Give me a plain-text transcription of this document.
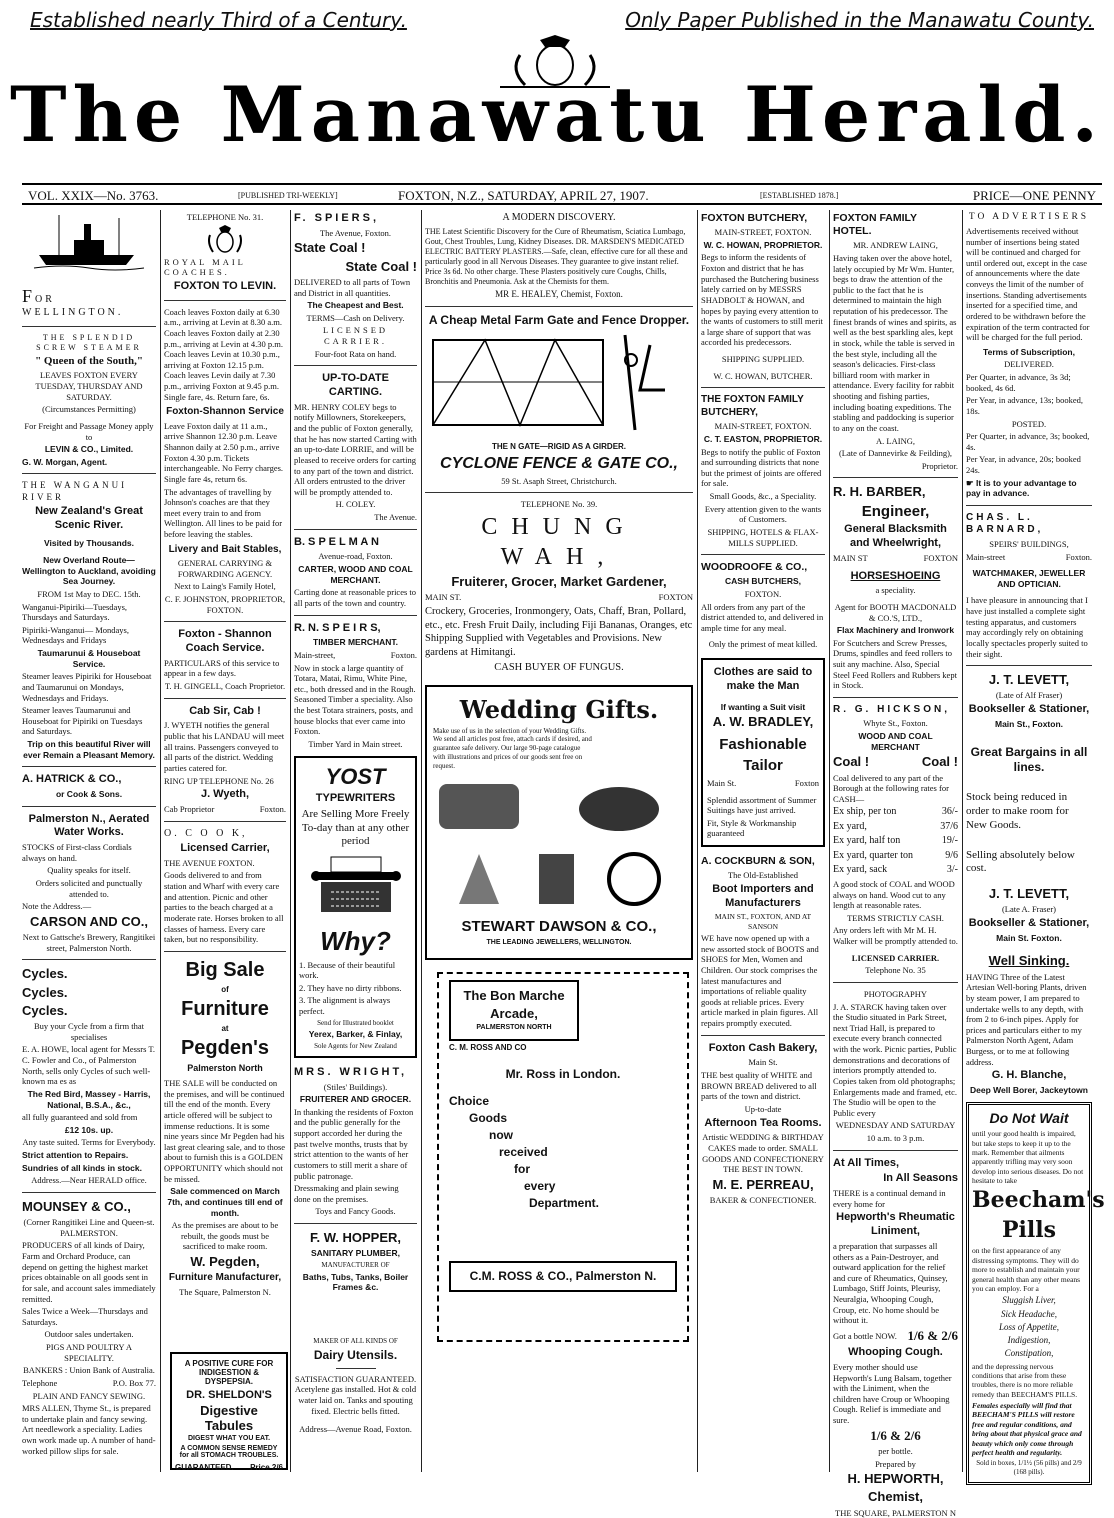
Established nearly Third of a Century.	Only Paper Published in the Manawatu County.
The Manawatu Herald.
VOL. XXIX—No. 3763.	[PUBLISHED TRI-WEEKLY]	FOXTON, N.Z., SATURDAY, APRIL 27, 1907.	[ESTABLISHED 1878.]	PRICE—ONE PENNY

FOR WELLINGTON.

THE SPLENDID SCREW STEAMER

" Queen of the South,"

LEAVES FOXTON EVERY TUESDAY, THURSDAY AND SATURDAY.

(Circumstances Permitting)

For Freight and Passage Money apply to

LEVIN & CO., Limited.

G. W. Morgan, Agent.

THE WANGANUI RIVER

New Zealand's Great Scenic River.

Visited by Thousands.

New Overland Route—Wellington to Auckland, avoiding Sea Journey.

FROM 1st May to DEC. 15th.

Wanganui-Pipiriki—Tuesdays, Thursdays and Saturdays.

Pipiriki-Wanganui— Mondays, Wednesdays and Fridays

Taumarunui & Houseboat Service.

Steamer leaves Pipiriki for Houseboat and Taumarunui on Mondays, Wednesdays and Fridays.

Steamer leaves Taumarunui and Houseboat for Pipiriki on Tuesdays and Saturdays.

Trip on this beautiful River will ever Remain a Pleasant Memory.

A. HATRICK & CO.,

or Cook & Sons.

Palmerston N., Aerated Water Works.

STOCKS of First-class Cordials always on hand.

Quality speaks for itself.

Orders solicited and punctually attended to.

Note the Address.—

CARSON AND CO.,

Next to Gattsche's Brewery, Rangitikei street, Palmerston North.

Cycles.

Cycles.

Cycles.

Buy your Cycle from a firm that specialises

E. A. HOWE, local agent for Messrs T. C. Fowler and Co., of Palmerston North, sells only Cycles of such well-known ma es as

The Red Bird, Massey - Harris, National, B.S.A., &c.,

all fully guaranteed and sold from

£12 10s. up.

Any taste suited. Terms for Everybody.

Strict attention to Repairs.

Sundries of all kinds in stock.

Address.—Near HERALD office.

MOUNSEY & CO.,

(Corner Rangitikei Line and Queen-st. PALMERSTON.

PRODUCERS of all kinds of Dairy, Farm and Orchard Produce, can depend on getting the highest market prices obtainable on all goods sent in for sale, and account sales immediately remitted.

Sales Twice a Week—Thursdays and Saturdays.

Outdoor sales undertaken.

PIGS AND POULTRY A SPECIALITY.

BANKERS : Union Bank of Australia.

Telephone	P.O. Box 77.

PLAIN AND FANCY SEWING.

MRS ALLEN, Thyme St., is prepared to undertake plain and fancy sewing. Art needlework a speciality. Ladies own work made up. A number of hand-worked pillow slips for sale.

TELEPHONE No. 31.

ROYAL MAIL COACHES.

FOXTON TO LEVIN.

Coach leaves Foxton daily at 6.30 a.m., arriving at Levin at 8.30 a.m. Coach leaves Foxton daily at 2.30 p.m., arriving at Levin at 4.30 p.m. Coach leaves Levin at 10.30 p.m., arriving at Foxton 12.15 p.m. Coach leaves Levin daily at 7.30 p.m., arriving Foxton at 9.45 p.m. Single fare, 4s. Return fare, 6s.

Foxton-Shannon Service

Leave Foxton daily at 11 a.m., arrive Shannon 12.30 p.m. Leave Shannon daily at 2.50 p.m., arrive Foxton 4.30 p.m. Tickets interchangeable. No Ferry charges. Single fare 4s, return 6s.

The advantages of travelling by Johnson's coaches are that they meet every train to and from Wellington. All lines to be paid for before leaving the stables.

Livery and Bait Stables,

GENERAL CARRYING & FORWARDING AGENCY.

Next to Laing's Family Hotel,

C. F. JOHNSTON, PROPRIETOR, FOXTON.

Foxton - Shannon Coach Service.

PARTICULARS of this service to appear in a few days.

T. H. GINGELL, Coach Proprietor.

Cab Sir, Cab !

J. WYETH notifies the general public that his LANDAU will meet all trains. Passengers conveyed to all parts of the district. Wedding parties catered for.

RING UP TELEPHONE No. 26

J. Wyeth,

Cab Proprietor	Foxton.

O. C O O K,

Licensed Carrier,

THE AVENUE FOXTON.

Goods delivered to and from station and Wharf with every care and attention. Picnic and other parties to the beach charged at a moderate rate. Horses broken to all classes of harness. Every care taken, but no responsibility.

Big Sale

of

Furniture

at

Pegden's

Palmerston North

THE SALE will be conducted on the premises, and will be continued till the end of the month. Every article offered will be subject to immense reductions. It is some nine years since Mr Pegden had his last great clearing sale, and to those about to furnish this is a GOLDEN OPPORTUNITY which should not be missed.

Sale commenced on March 7th, and continues till end of month.

As the premises are about to be rebuilt, the goods must be sacrificed to make room.

W. Pegden,

Furniture Manufacturer,

The Square, Palmerston N.

A POSITIVE CURE FOR INDIGESTION & DYSPEPSIA.

DR. SHELDON'S

Digestive Tabules

DIGEST WHAT YOU EAT.

A COMMON SENSE REMEDY for all STOMACH TROUBLES.

GUARANTEED. Price 2/6

F. SPIERS,

The Avenue, Foxton.

State Coal !

State Coal !

DELIVERED to all parts of Town and District in all quantities.

The Cheapest and Best.

TERMS—Cash on Delivery.

LICENSED CARRIER.

Four-foot Rata on hand.

UP-TO-DATE CARTING.

MR. HENRY COLEY begs to notify Millowners, Storekeepers, and the public of Foxton generally, that he has now started Carting with an up-to-date LORRIE, and will be pleased to receive orders for carting to any part of the town and district. All orders entrusted to the driver will be promptly attended to.

H. COLEY.

The Avenue.

B. S P E L M A N

Avenue-road, Foxton.

CARTER, WOOD AND COAL MERCHANT.

Carting done at reasonable prices to all parts of the town and country.

R. N. S P E I R S,

TIMBER MERCHANT.

Main-street,	Foxton.

Now in stock a large quantity of Totara, Matai, Rimu, White Pine, etc., both dressed and in the Rough. Seasoned Timber a speciality. Also the best Totara strainers, posts, and house blocks that ever came into Foxton.

Timber Yard in Main street.

YOST

TYPEWRITERS

Are Selling More Freely To-day than at any other period

Why?

1. Because of their beautiful work.

2. They have no dirty ribbons.

3. The alignment is always perfect.

Send for Illustrated booklet

Yerex, Barker, & Finlay,

Sole Agents for New Zealand

MRS. WRIGHT,

(Stiles' Buildings).

FRUITERER AND GROCER.

In thanking the residents of Foxton and the public generally for the support accorded her during the past twelve months, trusts that by strict attention to the wants of her customers to still merit a share of public patronage.

Dressmaking and plain sewing done on the premises.

Toys and Fancy Goods.

F. W. HOPPER,

SANITARY PLUMBER,

MANUFACTURER OF

Baths, Tubs, Tanks, Boiler Frames &c.

MAKER OF ALL KINDS OF

Dairy Utensils.

SATISFACTION GUARANTEED. Acetylene gas installed. Hot & cold water laid on. Tanks and spouting fixed. Electric bells fitted.

Address—Avenue Road, Foxton.

A MODERN DISCOVERY.

THE Latest Scientific Discovery for the Cure of Rheumatism, Sciatica Lumbago, Gout, Chest Troubles, Lung, Kidney Diseases. DR. MARSDEN'S MEDICATED ELECTRIC BATTERY PLASTERS.—Safe, clean, effective cure for all these and particularly good in all Nervous Diseases. They guarantee to give instant relief. Price 3s 6d. No other charge. These Plasters positively cure Coughs, Chills, Bronchitis and Pneumonia. Ask at the Chemists for them.

MR E. HEALEY, Chemist, Foxton.

A Cheap Metal Farm Gate and Fence Dropper.

THE N GATE—RIGID AS A GIRDER.

CYCLONE FENCE & GATE CO.,

59 St. Asaph Street, Christchurch.

TELEPHONE No. 39.

CHUNG WAH,

Fruiterer, Grocer, Market Gardener,

MAIN ST.	FOXTON

Crockery, Groceries, Ironmongery, Oats, Chaff, Bran, Pollard, etc., etc. Fresh Fruit Daily, including Fiji Bananas, Oranges, etc Shipping Supplied with Vegetables and Provisions. New gardens at Himitangi.

CASH BUYER OF FUNGUS.

Wedding Gifts.

Make use of us in the selection of your Wedding Gifts. We send all articles post free, attach cards if desired, and guarantee safe delivery. Our large 90-page catalogue with illustrations and prices of our goods sent free on request.

STEWART DAWSON & CO.,

THE LEADING JEWELLERS, WELLINGTON.

The Bon Marche

Arcade,

PALMERSTON NORTH

C. M. ROSS AND CO

Mr. Ross in London.

Choice

Goods

now

received

for

every

Department.

C.M. ROSS & CO., Palmerston N.

FOXTON BUTCHERY,

MAIN-STREET, FOXTON.

W. C. HOWAN, PROPRIETOR.

Begs to inform the residents of Foxton and district that he has purchased the Butchering business lately carried on by MESSRS SHADBOLT & HOWAN, and hopes by paying every attention to the wants of customers to still merit a large share of support that was accorded his predecessors.

SHIPPING SUPPLIED.

W. C. HOWAN, BUTCHER.

THE FOXTON FAMILY BUTCHERY,

MAIN-STREET, FOXTON.

C. T. EASTON, PROPRIETOR.

Begs to notify the public of Foxton and surrounding districts that none but the primest of joints are offered for sale.

Small Goods, &c., a Speciality.

Every attention given to the wants of Customers.

SHIPPING, HOTELS & FLAX-MILLS SUPPLIED.

WOODROOFE & CO.,

CASH BUTCHERS,

FOXTON.

All orders from any part of the district attended to, and delivered in ample time for any meal.

Only the primest of meat killed.

Clothes are said to make the Man

If wanting a Suit visit

A. W. BRADLEY,

Fashionable

Tailor

Main St.	Foxton

Splendid assortment of Summer Suitings have just arrived.

Fit, Style & Workmanship guaranteed

A. COCKBURN & SON,

The Old-Established

Boot Importers and Manufacturers

MAIN ST., FOXTON, AND AT SANSON

WE have now opened up with a new assorted stock of BOOTS and SHOES for Men, Women and Children. Our stock comprises the latest manufactures and importations of reliable quality goods at reliable prices. Every article marked in plain figures. All repairs promptly executed.

Foxton Cash Bakery,

Main St.

THE best quality of WHITE and BROWN BREAD delivered to all parts of the town and district.

Up-to-date

Afternoon Tea Rooms.

Artistic WEDDING & BIRTHDAY CAKES made to order. SMALL GOODS AND CONFECTIONERY THE BEST IN TOWN.

M. E. PERREAU,

BAKER & CONFECTIONER.

FOXTON FAMILY HOTEL.

MR. ANDREW LAING,

Having taken over the above hotel, lately occupied by Mr Wm. Hunter, begs to draw the attention of the public to the fact that he is determined to maintain the high reputation of his predecessor. The finest brands of wines and spirits, as well as the best sparkling ales, kept in stock, while the table is served in the best style, including all the season's delicacies. First-class billiard room with marker in attendance. Every facility for rabbit shooting and fishing parties, including boating expeditions. The stabling and paddocking is superior to any on the coast.

A. LAING,

(Late of Dannevirke & Feilding),

Proprietor.

R. H. BARBER,

Engineer,

General Blacksmith and Wheelwright,

MAIN ST	FOXTON

HORSESHOEING

a speciality.

Agent for BOOTH MACDONALD & CO.'S, LTD.,

Flax Machinery and Ironwork

For Scutchers and Screw Presses, Drums, spindles and feed rollers to suit any machine. Also, Special Steel Feed Rollers and Rubbers kept in Stock.

R. G. HICKSON,

Whyte St., Foxton.

WOOD AND COAL MERCHANT

Coal !	Coal !

Coal delivered to any part of the Borough at the following rates for CASH—

Ex ship, per ton	36/-

Ex yard,	37/6

Ex yard, half ton	19/-

Ex yard, quarter ton	9/6

Ex yard, sack	3/-

A good stock of COAL and WOOD always on hand. Wood cut to any length at reasonable rates.

TERMS STRICTLY CASH.

Any orders left with Mr M. H. Walker will be promptly attended to.

LICENSED CARRIER.

Telephone No. 35

PHOTOGRAPHY

J. A. STARCK having taken over the Studio situated in Park Street, next Triad Hall, is prepared to execute every branch connected with the work. Picnic parties, Public demonstrations and decorations of interiors promptly attended to. Copies taken from old photographs; Enlargements made and framed, etc. The Studio will be open to the Public every

WEDNESDAY AND SATURDAY

10 a.m. to 3 p.m.

At All Times,

In All Seasons

THERE is a continual demand in every home for

Hepworth's Rheumatic Liniment,

a preparation that surpasses all others as a Pain-Destroyer, and outward application for the relief and cure of Rheumatics, Quinsey, Lumbago, Stiff Joints, Pleurisy, Neuralgia, Whooping Cough, Croup, etc. No home should be without it.

Got a bottle NOW. 1/6 & 2/6

Whooping Cough.

Every mother should use Hepworth's Lung Balsam, together with the Liniment, when the children have Croup or Whooping Cough. Relief is immediate and sure.

1/6 & 2/6

per bottle.

Prepared by

H. HEPWORTH,

Chemist,

THE SQUARE, PALMERSTON N

TO ADVERTISERS

Advertisements received without number of insertions being stated will be continued and charged for until ordered out, except in the case of announcements where the date conveys the limit of the number of insertions. Standing advertisements inserted for a specified time, and ordered to be withdrawn before the expiration of the term contracted for will be charged for the full period.

Terms of Subscription,

DELIVERED.

Per Quarter, in advance, 3s 3d; booked, 4s 6d.

Per Year, in advance, 13s; booked, 18s.

POSTED.

Per Quarter, in advance, 3s; booked, 4s.

Per Year, in advance, 20s; booked 24s.

☛ It is to your advantage to pay in advance.

CHAS. L. BARNARD,

SPEIRS' BUILDINGS,

Main-street	Foxton.

WATCHMAKER, JEWELLER AND OPTICIAN.

I have pleasure in announcing that I have just installed a complete sight testing apparatus, and customers may accordingly rely on obtaining locally spectacles properly suited to their sight.

J. T. LEVETT,

(Late of Alf Fraser)

Bookseller & Stationer,

Main St., Foxton.

Great Bargains in all lines.

Stock being reduced in order to make room for New Goods.

Selling absolutely below cost.

J. T. LEVETT,

(Late A. Fraser)

Bookseller & Stationer,

Main St. Foxton.

Well Sinking.

HAVING Three of the Latest Artesian Well-boring Plants, driven by steam power, I am prepared to undertake wells to any depth, with from 2 to 6-inch pipes. Apply for prices and particulars either to my Palmerston North Agent, Adam Burgess, or to me at following address.

G. H. Blanche,

Deep Well Borer, Jackeytown

Do Not Wait

until your good health is impaired, but take steps to keep it up to the mark. Remember that ailments apparently trifling may very soon develop into serious diseases. Do not hesitate to take

Beecham's

Pills

on the first appearance of any distressing symptoms. They will do more to establish and maintain your general health than any other means you can employ. For a

Sluggish Liver,

Sick Headache,

Loss of Appetite,

Indigestion,

Constipation,

and the depressing nervous conditions that arise from these troubles, there is no more reliable remedy than BEECHAM'S PILLS.

Females especially will find that BEECHAM'S PILLS will restore free and regular conditions, and bring about that physical grace and beauty which only come through perfect health and regularity.

Sold in boxes, 1/1½ (56 pills) and 2/9 (168 pills).
